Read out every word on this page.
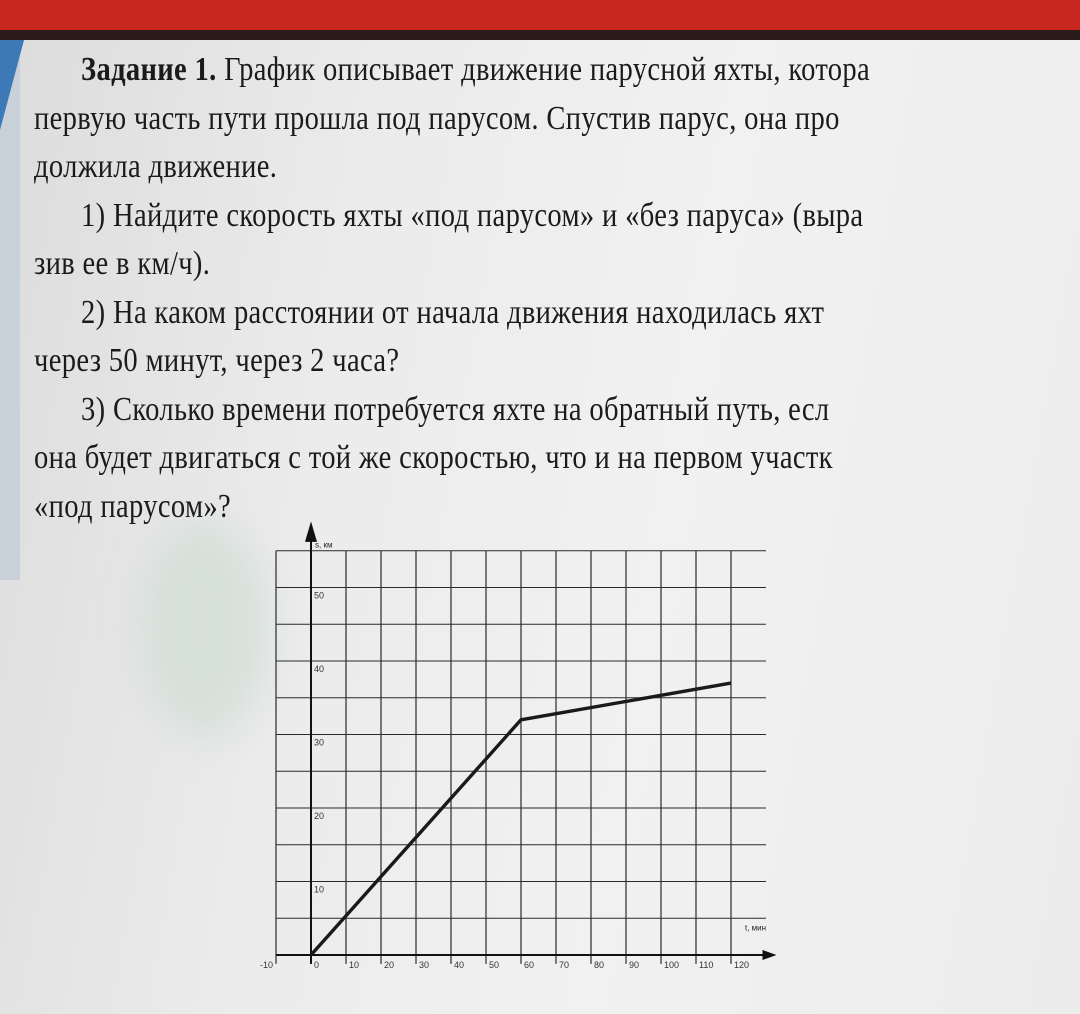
Задание 1. График описывает движение парусной яхты, котора

первую часть пути прошла под парусом. Спустив парус, она про

должила движение.

1) Найдите скорость яхты «под парусом» и «без паруса» (выра

зив ее в км/ч).

2) На каком расстоянии от начала движения находилась яхт

через 50 минут, через 2 часа?

3) Сколько времени потребуется яхте на обратный путь, есл

она будет двигаться с той же скоростью, что и на первом участк

«под парусом»?

-10	0	10	20	30	40	50	60	70	80	90	100 110 120
10
20
30
40
50
s, км
t, мин
